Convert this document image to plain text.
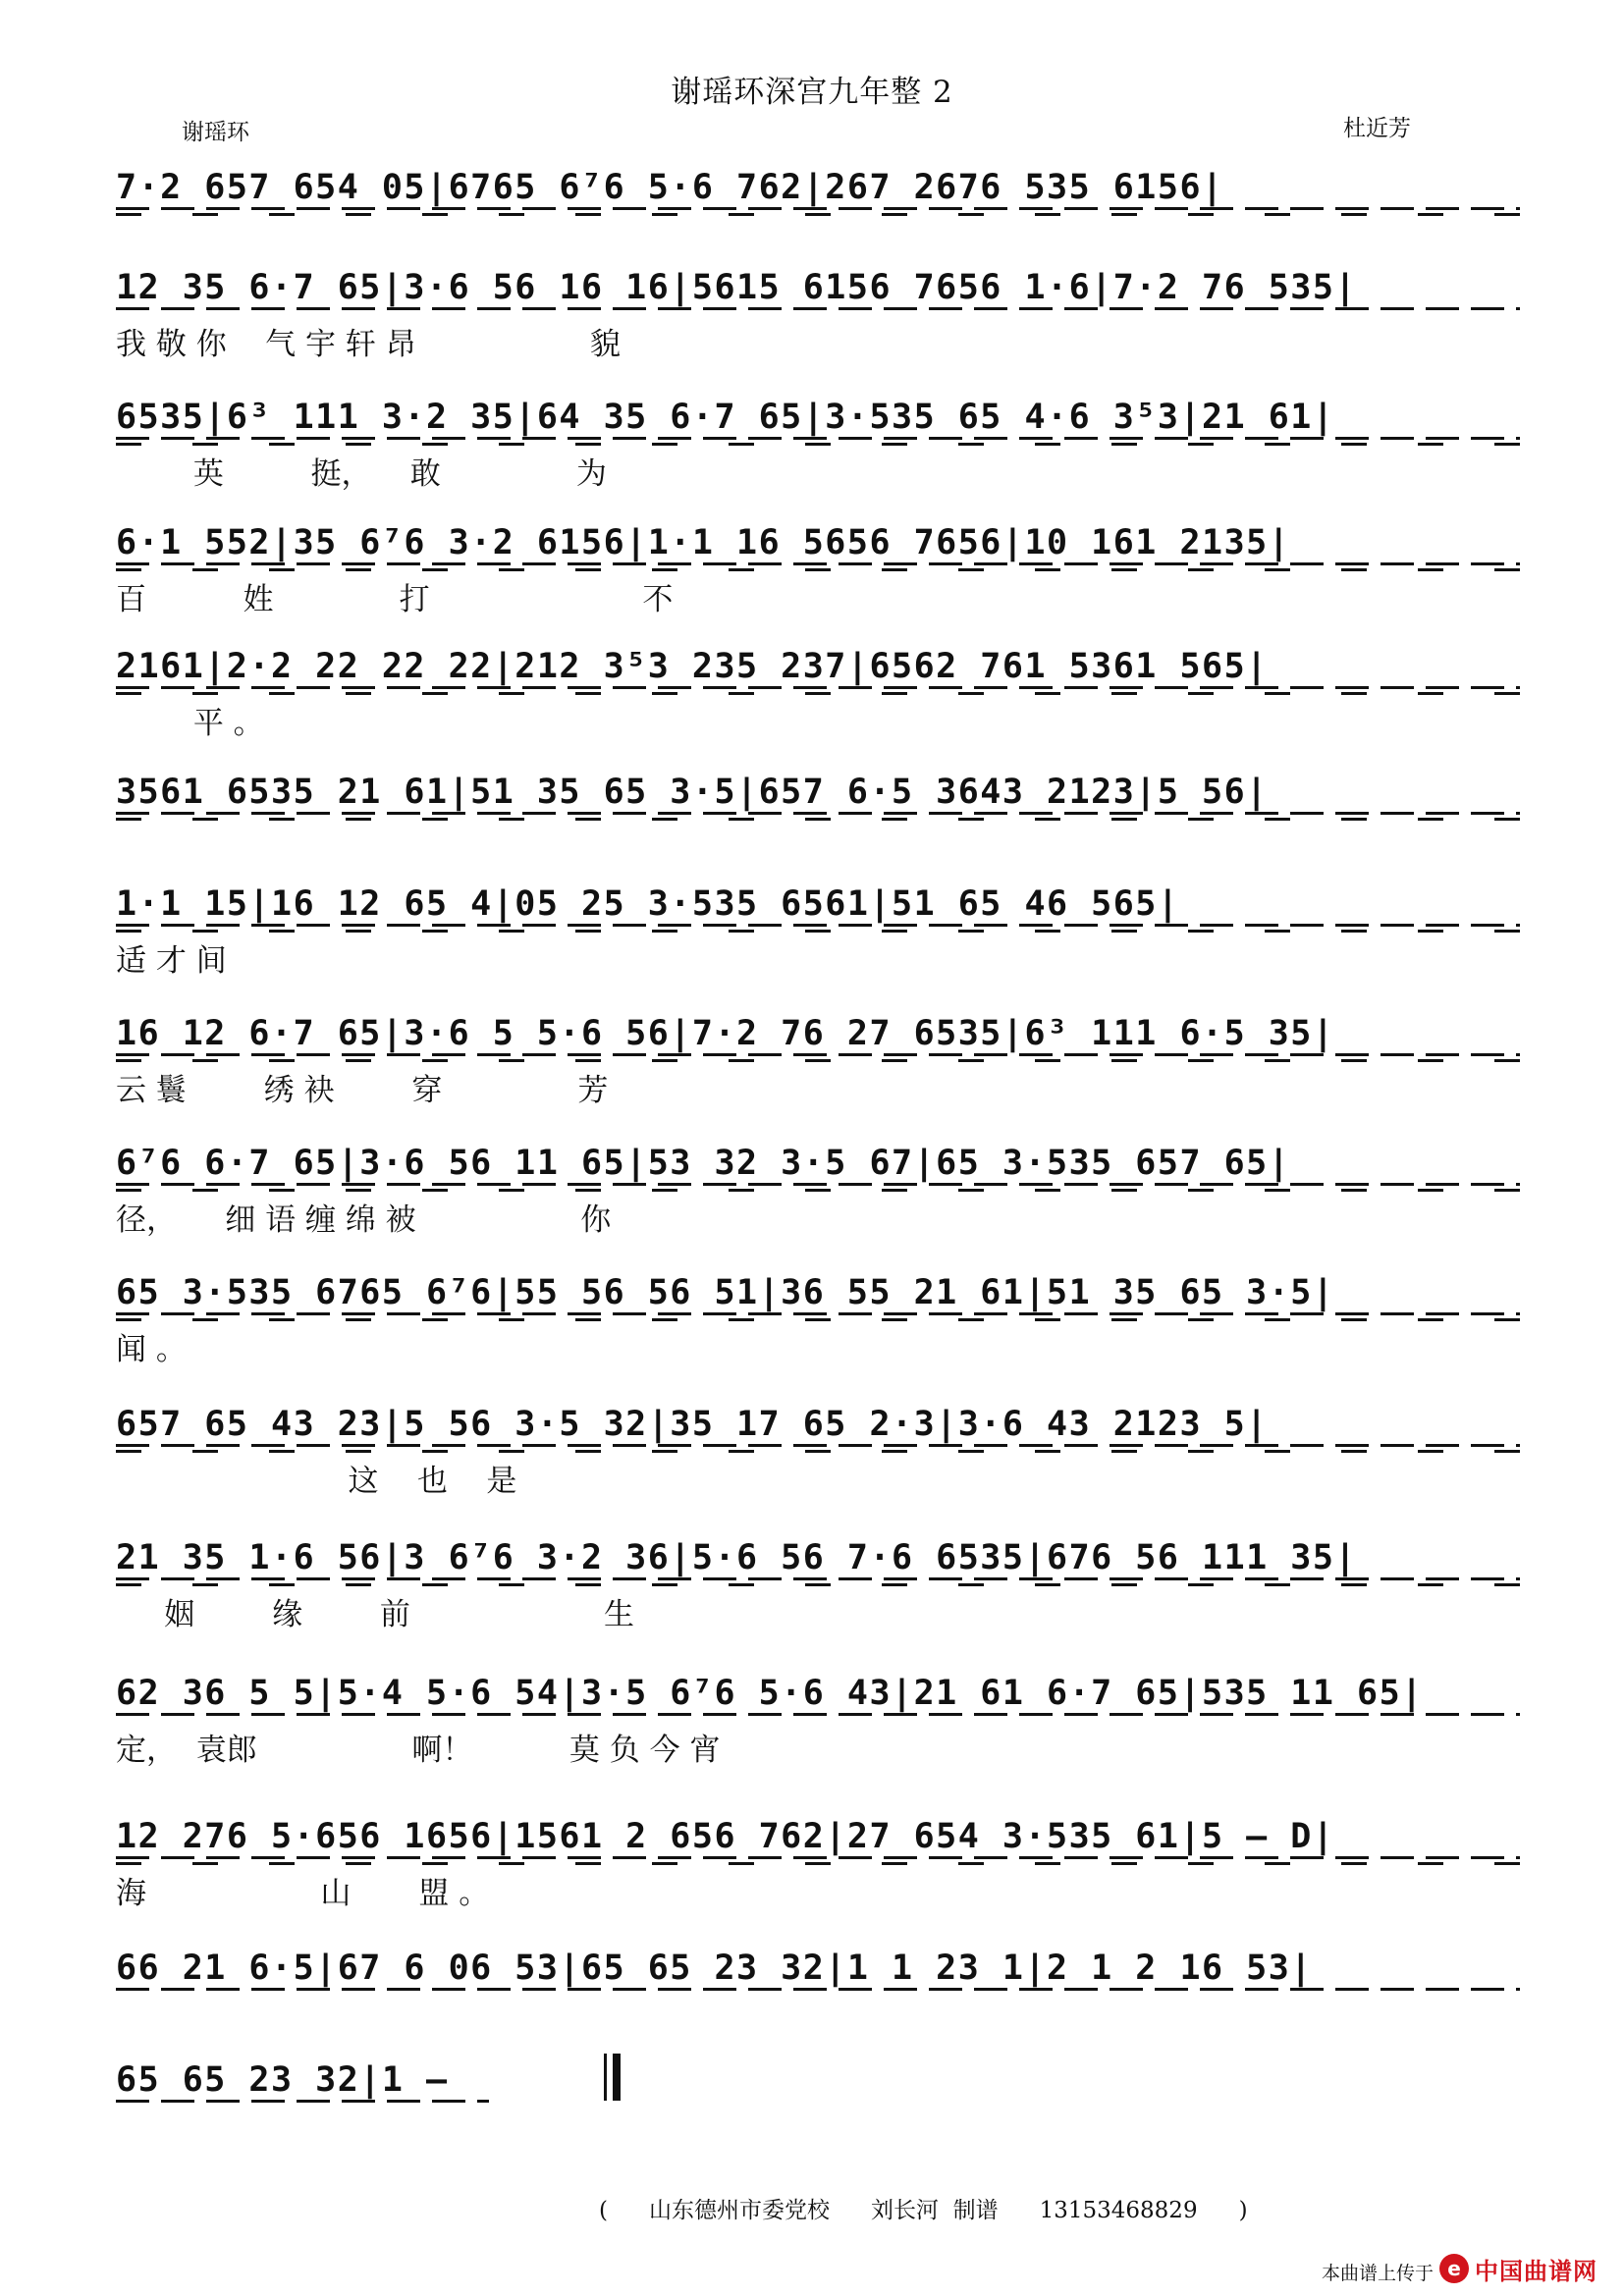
谢瑶环深宫九年整 2
谢瑶环	杜近芳
7·2 657 654 05|6765 6⁷6 5·6 762|267 2676 535 6156|
12 35 6·7 65|3·6 56 16 16|5615 6156 7656 1·6|7·2 76 535|
我 敬 你    气 宇 轩 昂                  貌
6535|6³ 111 3·2 35|64 35 6·7 65|3·535 65 4·6 3⁵3|21 61|
英         挺，    敢              为
6·1 552|35 6⁷6 3·2 6156|1·1 16 5656 7656|10 161 2135|
百          姓             打                      不
2161|2·2 22 22 22|212 3⁵3 235 237|6562 761 5361 565|
平 。
3561 6535 21 61|51 35 65 3·5|657 6·5 3643 2123|5 56|
1·1 15|16 12 65 4|05 25 3·535 6561|51 65 46 565|
适 才 间
16 12 6·7 65|3·6 5 5·6 56|7·2 76 27 6535|6³ 111 6·5 35|
云 鬟        绣 袂        穿              芳
6⁷6 6·7 65|3·6 56 11 65|53 32 3·5 67|65 3·535 657 65|
径，     细 语 缠 绵 被                 你
65 3·535 6765 6⁷6|55 56 56 51|36 55 21 61|51 35 65 3·5|
闻 。
657 65 43 23|5 56 3·5 32|35 17 65 2·3|3·6 43 2123 5|
这    也    是
21 35 1·6 56|3 6⁷6 3·2 36|5·6 56 7·6 6535|676 56 111 35|
姻        缘        前                    生
62 36 5 5|5·4 5·6 54|3·5 6⁷6 5·6 43|21 61 6·7 65|535 11 65|
定，  袁郎                啊！          莫 负 今 宵
12 276 5·656 1656|1561 2 656 762|27 654 3·535 61|5 – D|
海                  山       盟 。
66 21 6·5|67 6 06 53|65 65 23 32|1 1 23 1|2 1 2 16 53|
65 65 23 32|1 –
( 山东德州市委党校 刘长河  制谱 13153468829 )
本曲谱上传于 e 中国曲谱网
